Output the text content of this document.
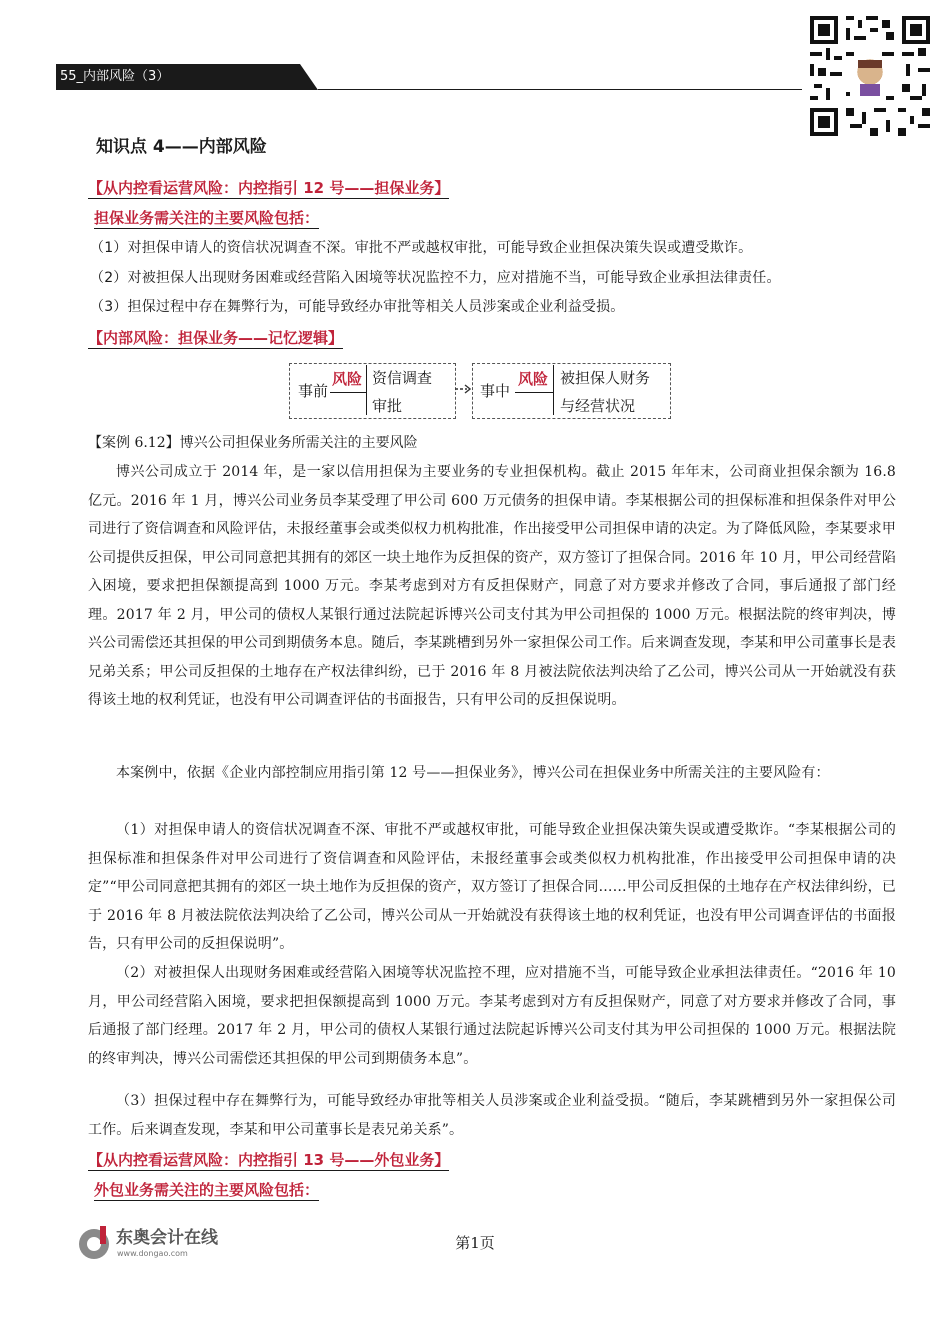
55_内部风险（3）
知识点 4——内部风险
【从内控看运营风险：内控指引 12 号——担保业务】
担保业务需关注的主要风险包括：
（1）对担保申请人的资信状况调查不深。审批不严或越权审批，可能导致企业担保决策失误或遭受欺诈。
（2）对被担保人出现财务困难或经营陷入困境等状况监控不力，应对措施不当，可能导致企业承担法律责任。
（3）担保过程中存在舞弊行为，可能导致经办审批等相关人员涉案或企业利益受损。
【内部风险：担保业务——记忆逻辑】
事前
风险 资信调查
审批
事中
风险 被担保人财务
与经营状况
【案例 6.12】博兴公司担保业务所需关注的主要风险
博兴公司成立于 2014 年，是一家以信用担保为主要业务的专业担保机构。截止 2015 年年末，公司商业担保余额为 16.8 亿元。2016 年 1 月，博兴公司业务员李某受理了甲公司 600 万元债务的担保申请。李某根据公司的担保标准和担保条件对甲公司进行了资信调查和风险评估，未报经董事会或类似权力机构批准，作出接受甲公司担保申请的决定。为了降低风险，李某要求甲公司提供反担保，甲公司同意把其拥有的郊区一块土地作为反担保的资产，双方签订了担保合同。2016 年 10 月，甲公司经营陷入困境，要求把担保额提高到 1000 万元。李某考虑到对方有反担保财产，同意了对方要求并修改了合同，事后通报了部门经理。2017 年 2 月，甲公司的债权人某银行通过法院起诉博兴公司支付其为甲公司担保的 1000 万元。根据法院的终审判决，博兴公司需偿还其担保的甲公司到期债务本息。随后，李某跳槽到另外一家担保公司工作。后来调查发现，李某和甲公司董事长是表兄弟关系；甲公司反担保的土地存在产权法律纠纷，已于 2016 年 8 月被法院依法判决给了乙公司，博兴公司从一开始就没有获得该土地的权利凭证，也没有甲公司调查评估的书面报告，只有甲公司的反担保说明。
本案例中，依据《企业内部控制应用指引第 12 号——担保业务》，博兴公司在担保业务中所需关注的主要风险有：
（1）对担保申请人的资信状况调查不深、审批不严或越权审批，可能导致企业担保决策失误或遭受欺诈。“李某根据公司的担保标准和担保条件对甲公司进行了资信调查和风险评估，未报经董事会或类似权力机构批准，作出接受甲公司担保申请的决定”“甲公司同意把其拥有的郊区一块土地作为反担保的资产，双方签订了担保合同……甲公司反担保的土地存在产权法律纠纷，已于 2016 年 8 月被法院依法判决给了乙公司，博兴公司从一开始就没有获得该土地的权利凭证，也没有甲公司调查评估的书面报告，只有甲公司的反担保说明”。
（2）对被担保人出现财务困难或经营陷入困境等状况监控不理，应对措施不当，可能导致企业承担法律责任。“2016 年 10 月，甲公司经营陷入困境，要求把担保额提高到 1000 万元。李某考虑到对方有反担保财产，同意了对方要求并修改了合同，事后通报了部门经理。2017 年 2 月，甲公司的债权人某银行通过法院起诉博兴公司支付其为甲公司担保的 1000 万元。根据法院的终审判决，博兴公司需偿还其担保的甲公司到期债务本息”。
（3）担保过程中存在舞弊行为，可能导致经办审批等相关人员涉案或企业利益受损。“随后，李某跳槽到另外一家担保公司工作。后来调查发现，李某和甲公司董事长是表兄弟关系”。
【从内控看运营风险：内控指引 13 号——外包业务】
外包业务需关注的主要风险包括：
东奥会计在线
www.dongao.com
第1页
